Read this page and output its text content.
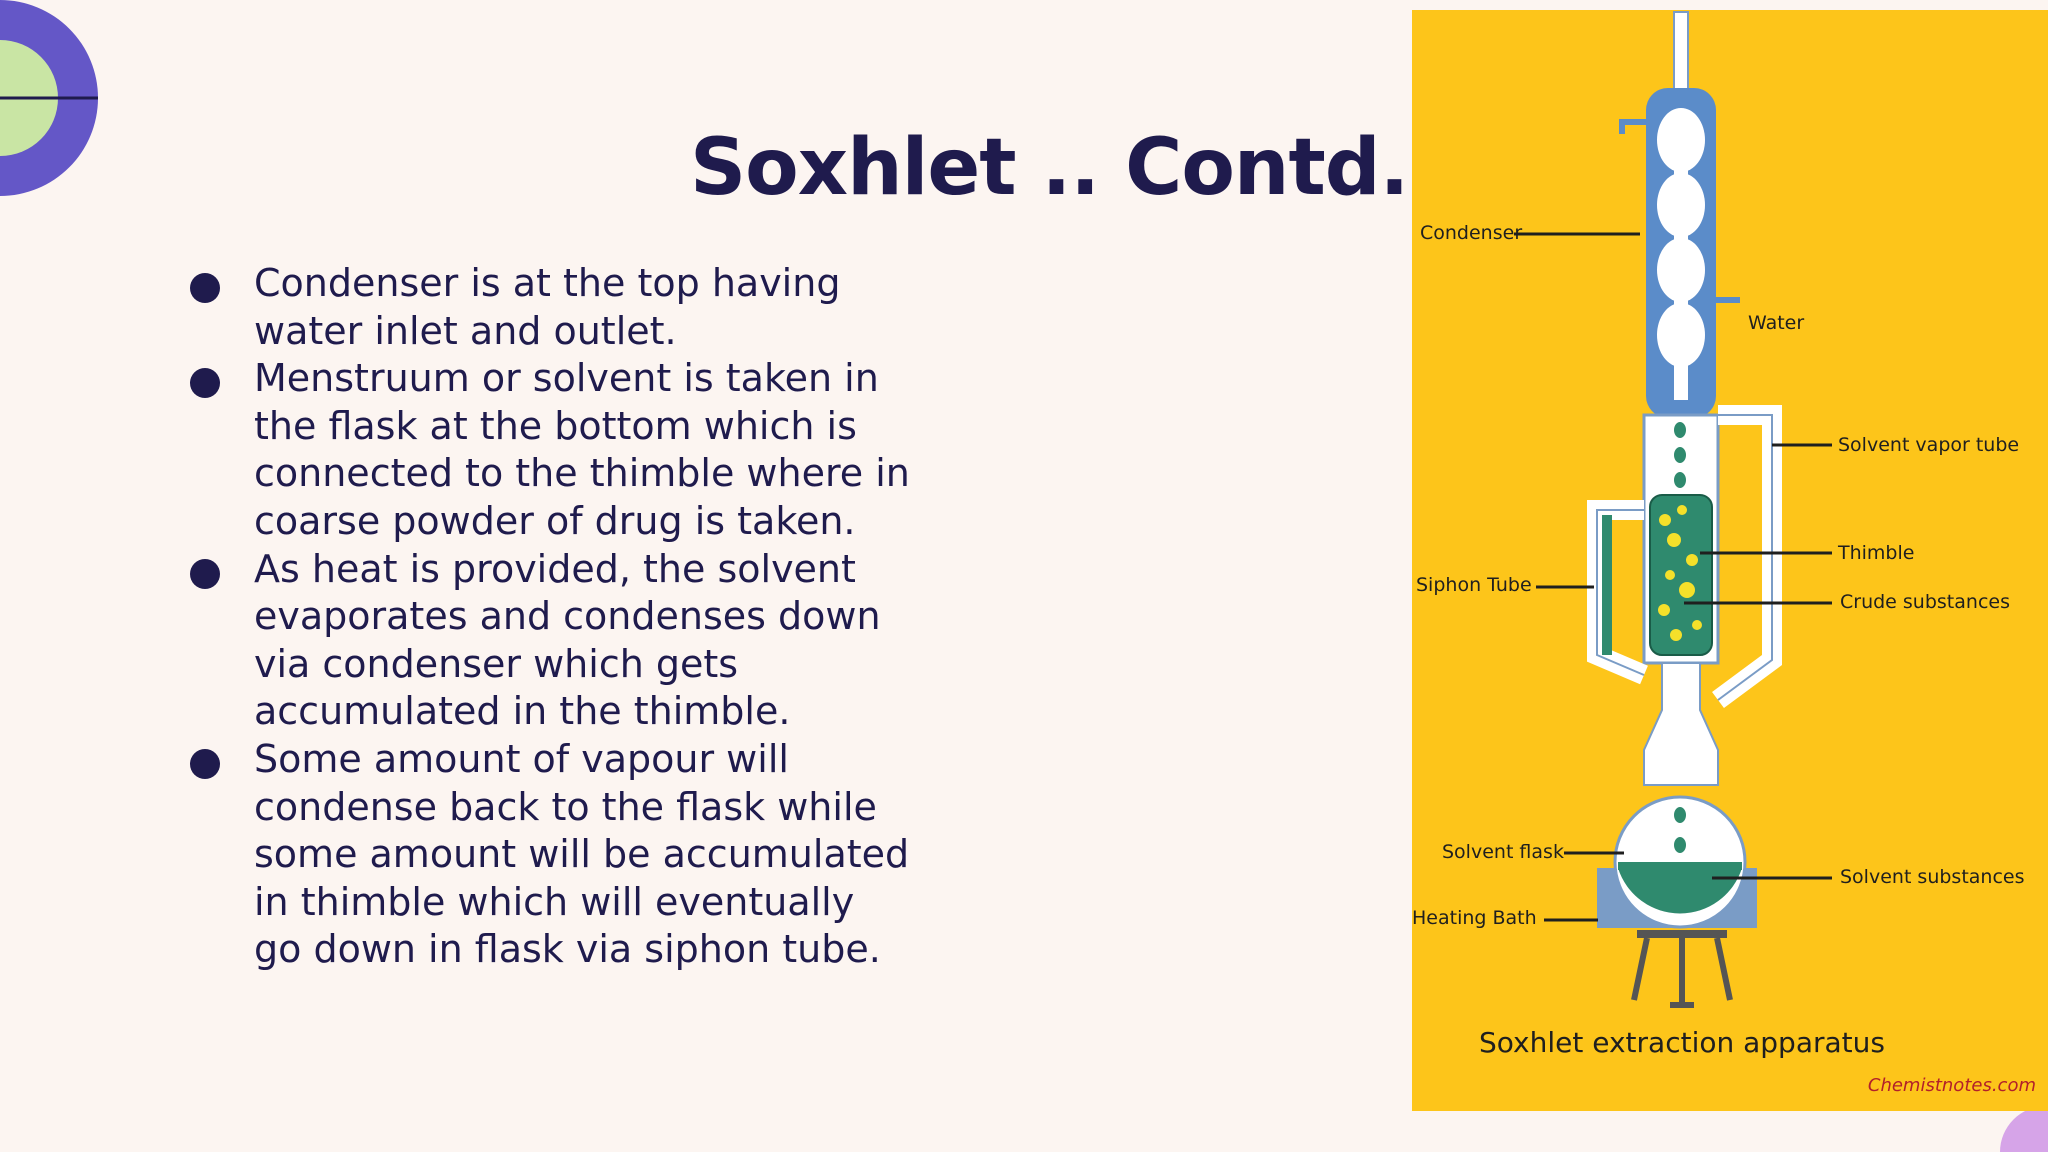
Soxhlet .. Contd.
Condenser is at the top having water inlet and outlet.
Menstruum or solvent is taken in the flask at the bottom which is connected to the thimble where in coarse powder of drug is taken.
As heat is provided, the solvent evaporates and condenses down via condenser which gets accumulated in the thimble.
Some amount of vapour will condense back to the flask while some amount will be accumulated in thimble which will eventually go down in flask via siphon tube.
Condenser
Water
Solvent vapor tube
Thimble
Siphon Tube
Crude substances
Solvent flask
Solvent substances
Heating Bath
Soxhlet extraction apparatus
Chemistnotes.com
